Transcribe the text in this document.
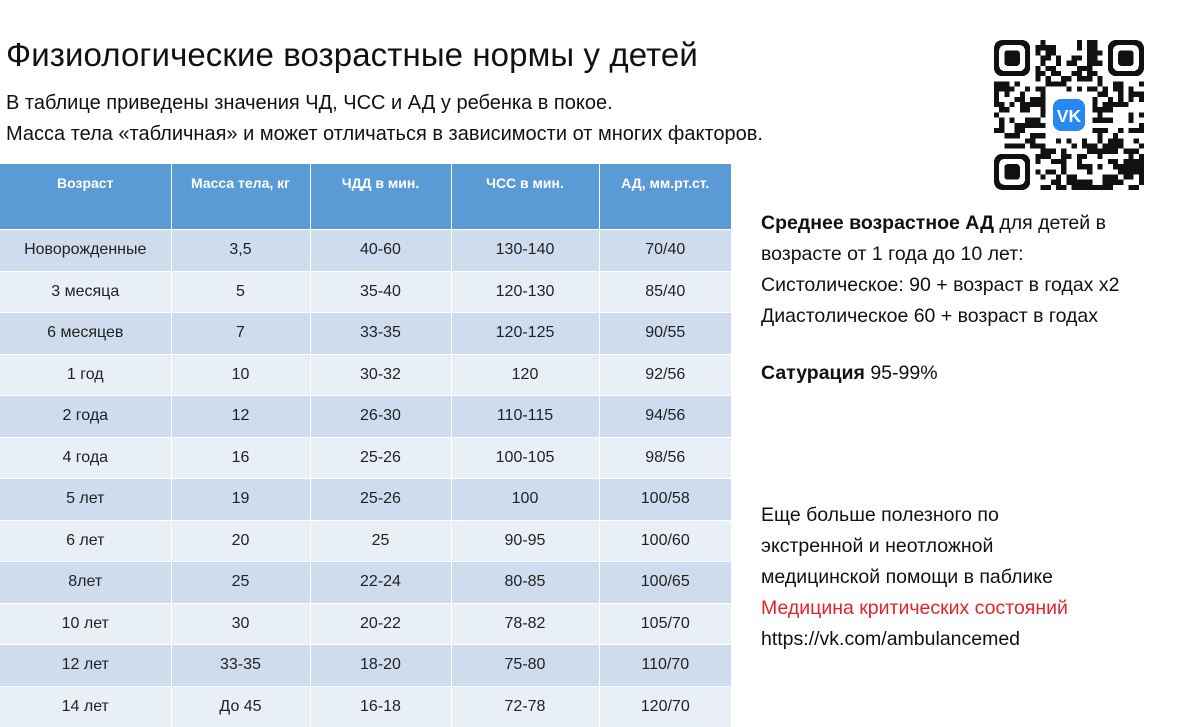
Физиологические возрастные нормы у детей
В таблице приведены значения ЧД, ЧСС и АД у ребенка в покое.
Масса тела «табличная» и может отличаться в зависимости от многих факторов.
VK
Возраст	Масса тела, кг	ЧДД в мин.	ЧСС в мин.	АД, мм.рт.ст.
Новорожденные	3,5	40-60	130-140	70/40
3 месяца	5	35-40	120-130	85/40
6 месяцев	7	33-35	120-125	90/55
1 год	10	30-32	120	92/56
2 года	12	26-30	110-115	94/56
4 года	16	25-26	100-105	98/56
5 лет	19	25-26	100	100/58
6 лет	20	25	90-95	100/60
8лет	25	22-24	80-85	100/65
10 лет	30	20-22	78-82	105/70
12 лет	33-35	18-20	75-80	110/70
14 лет	До 45	16-18	72-78	120/70
Среднее возрастное АД для детей в
возрасте от 1 года до 10 лет:
Систолическое: 90 + возраст в годах х2
Диастолическое 60 + возраст в годах
Сатурация 95-99%
Еще больше полезного по
экстренной и неотложной
медицинской помощи в паблике
Медицина критических состояний
https://vk.com/ambulancemed
